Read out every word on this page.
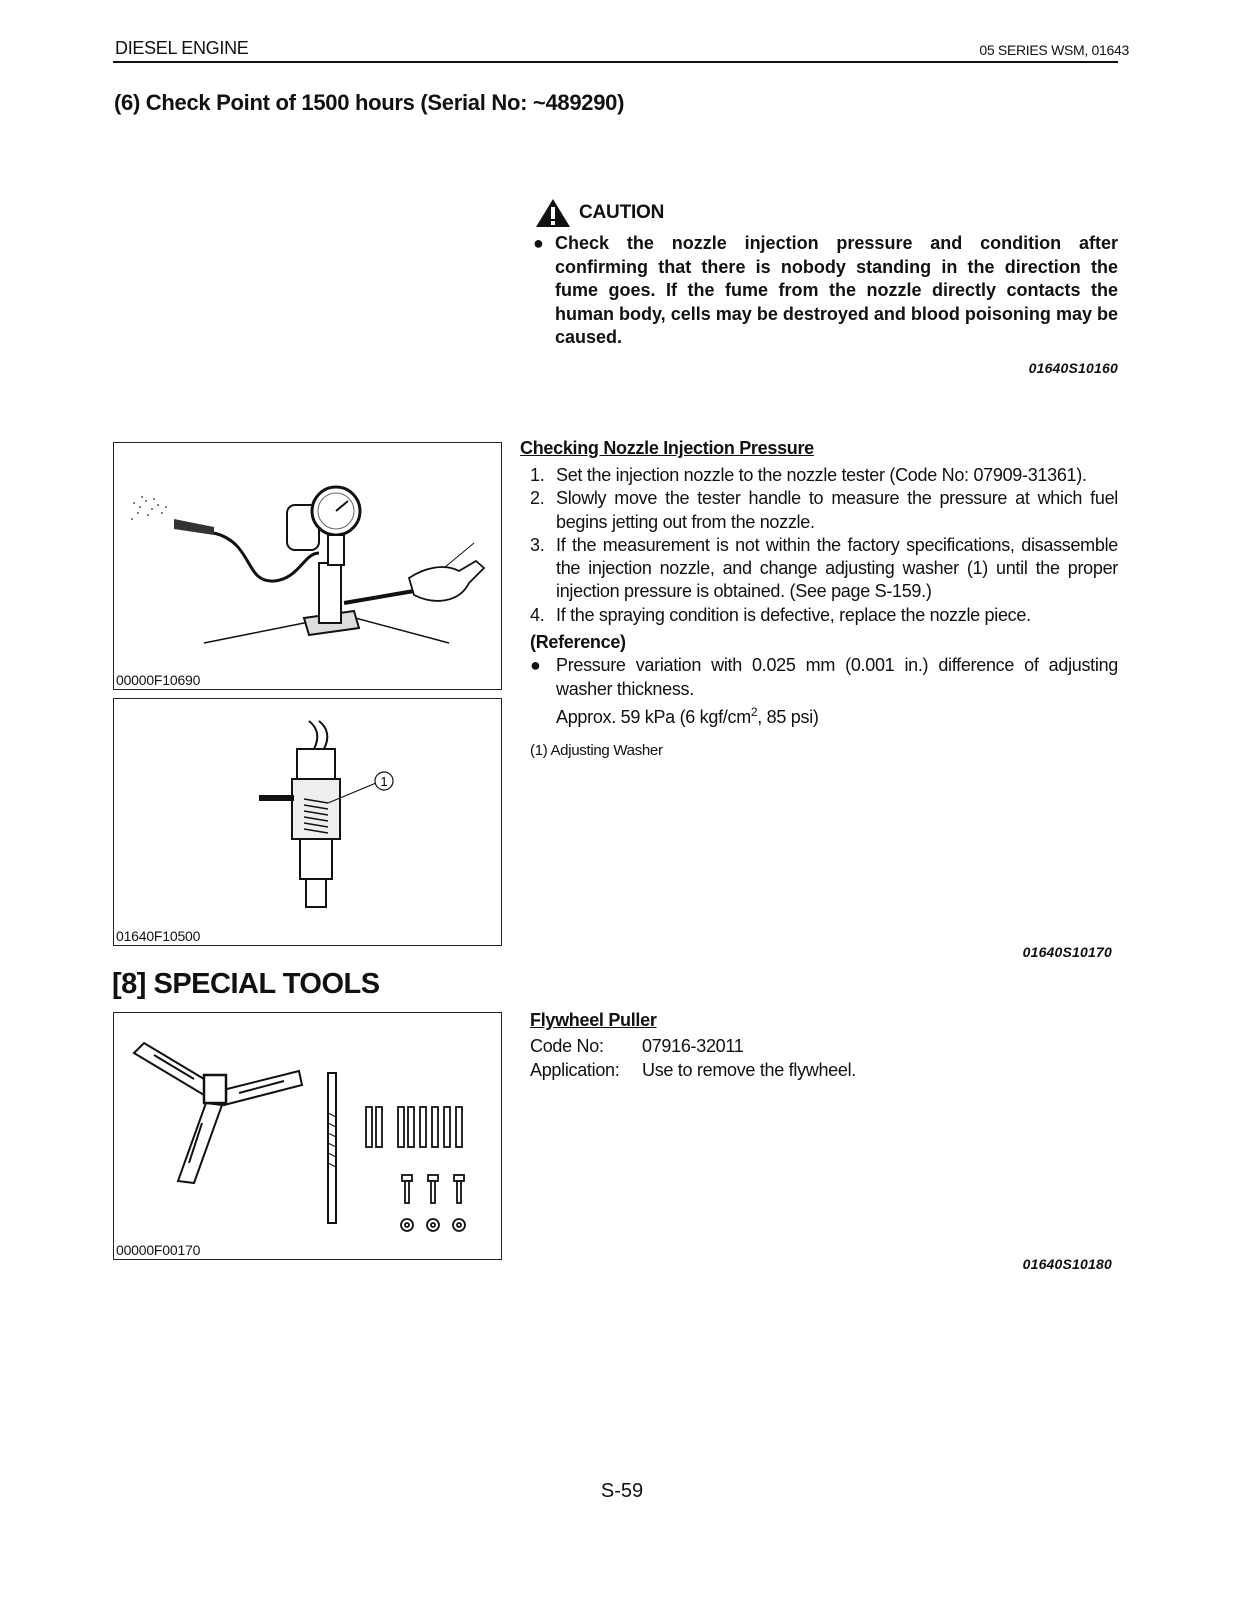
DIESEL ENGINE	05 SERIES WSM, 01643
(6) Check Point of 1500 hours (Serial No: ~489290)
CAUTION
● Check the nozzle injection pressure and condition after confirming that there is nobody standing in the direction the fume goes. If the fume from the nozzle directly contacts the human body, cells may be destroyed and blood poisoning may be caused.
01640S10160
00000F10690
1
01640F10500
Checking Nozzle Injection Pressure
1. Set the injection nozzle to the nozzle tester (Code No: 07909-31361).
2. Slowly move the tester handle to measure the pressure at which fuel begins jetting out from the nozzle.
3. If the measurement is not within the factory specifications, disassemble the injection nozzle, and change adjusting washer (1) until the proper injection pressure is obtained. (See page S-159.)
4. If the spraying condition is defective, replace the nozzle piece.
(Reference)
● Pressure variation with 0.025 mm (0.001 in.) difference of adjusting washer thickness.
Approx. 59 kPa (6 kgf/$cm^2$, 85 psi)
(1) Adjusting Washer
01640S10170
[8] SPECIAL TOOLS
00000F00170
Flywheel Puller
Code No:	07916-32011
Application:	Use to remove the flywheel.
01640S10180
S-59
